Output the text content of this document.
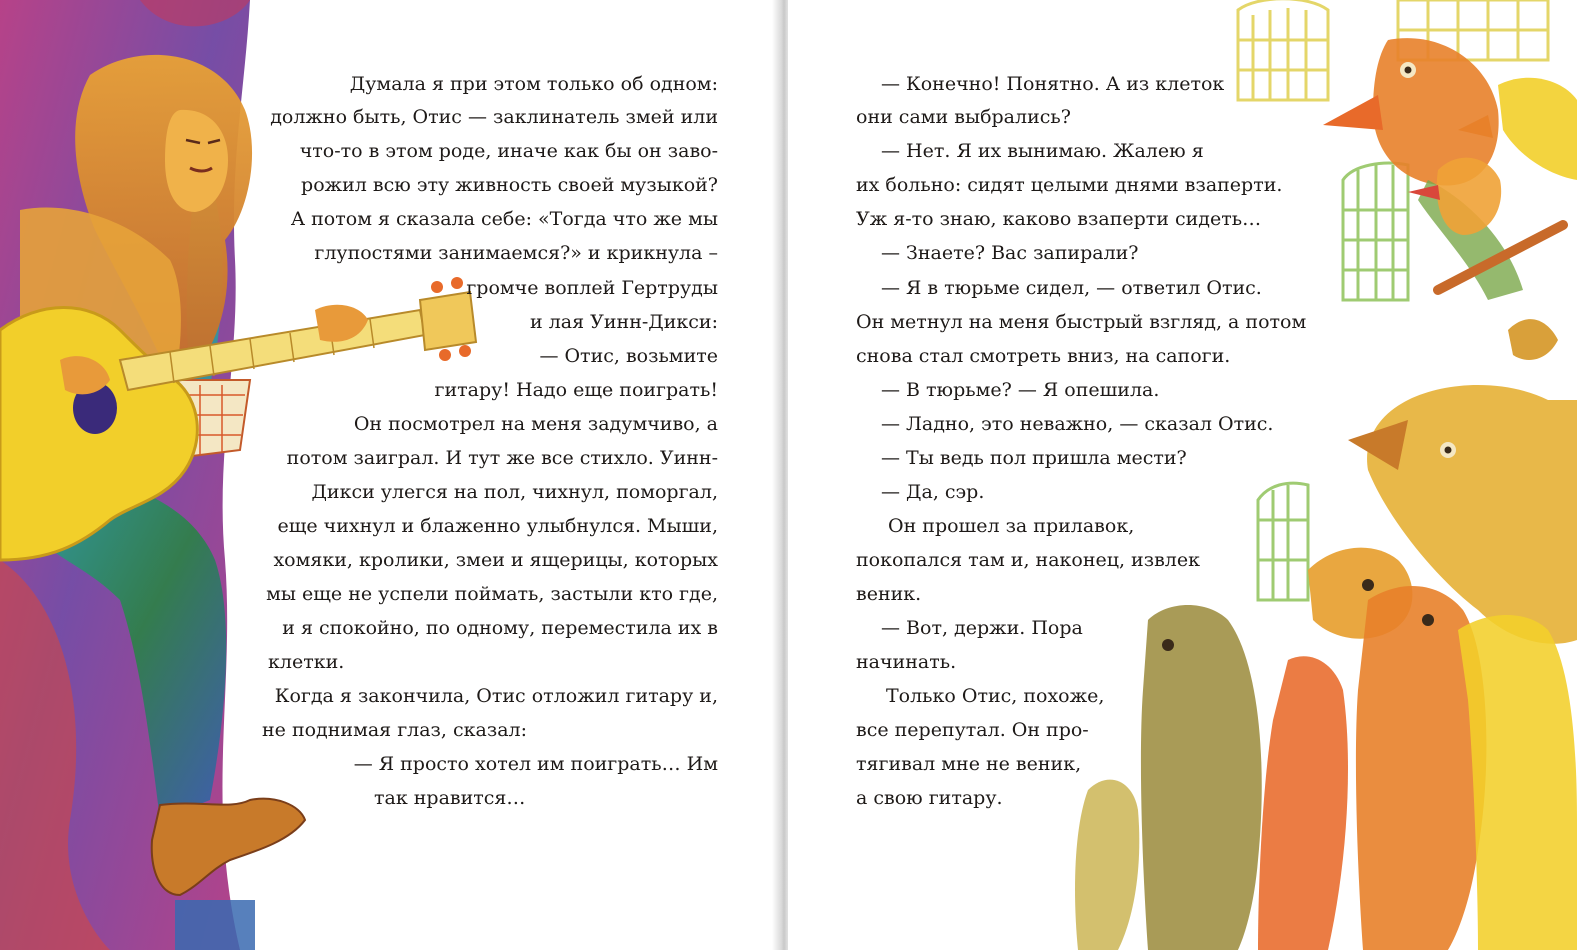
Думала я при этом только об одном:
должно быть, Отис — заклинатель змей или
что-то в этом роде, иначе как бы он заво-
рожил всю эту живность своей музыкой?
А потом я сказала себе: «Тогда что же мы
глупостями занимаемся?» и крикнула –
громче воплей Гертруды
и лая Уинн-Дикси:
— Отис, возьмите
гитару! Надо еще поиграть!
Он посмотрел на меня задумчиво, а
потом заиграл. И тут же все стихло. Уинн-
Дикси улегся на пол, чихнул, поморгал,
еще чихнул и блаженно улыбнулся. Мыши,
хомяки, кролики, змеи и ящерицы, которых
мы еще не успели поймать, застыли кто где,
и я спокойно, по одному, переместила их в
клетки.
Когда я закончила, Отис отложил гитару и,
не поднимая глаз, сказал:
— Я просто хотел им поиграть… Им
так нравится…
— Конечно! Понятно. А из клеток
они сами выбрались?
— Нет. Я их вынимаю. Жалею я
их больно: сидят целыми днями взаперти.
Уж я-то знаю, каково взаперти сидеть…
— Знаете? Вас запирали?
— Я в тюрьме сидел, — ответил Отис.
Он метнул на меня быстрый взгляд, а потом
снова стал смотреть вниз, на сапоги.
— В тюрьме? — Я опешила.
— Ладно, это неважно, — сказал Отис.
— Ты ведь пол пришла мести?
— Да, сэр.
Он прошел за прилавок,
покопался там и, наконец, извлек
веник.
— Вот, держи. Пора
начинать.
Только Отис, похоже,
все перепутал. Он про-
тягивал мне не веник,
а свою гитару.
